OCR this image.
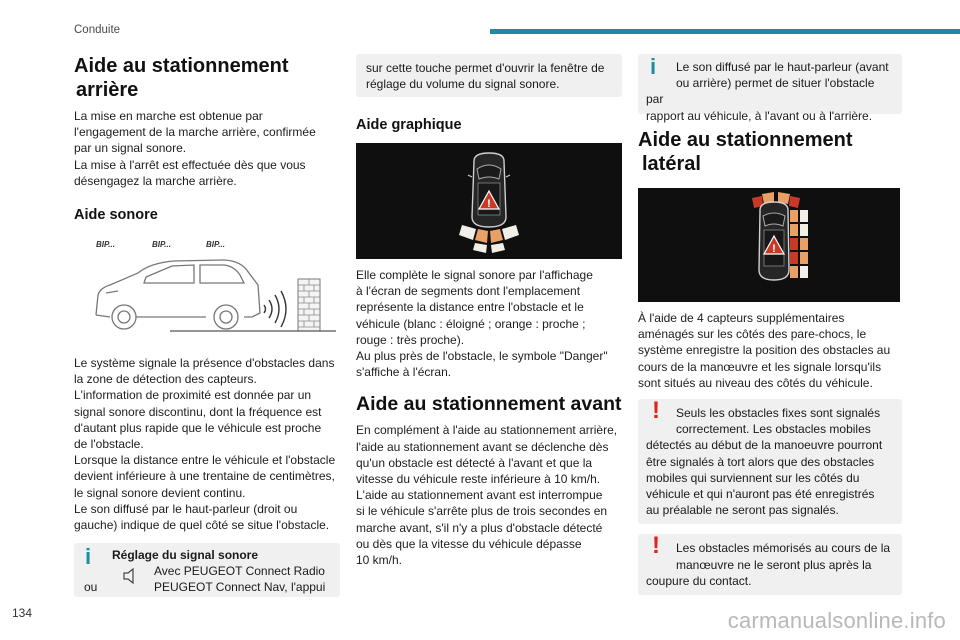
Conduite
Aide au stationnement
arrière

La mise en marche est obtenue par
l'engagement de la marche arrière, confirmée
par un signal sonore.
La mise à l'arrêt est effectuée dès que vous
désengagez la marche arrière.

Aide sonore
BIP...	BIP...	BIP...

Le système signale la présence d'obstacles dans
la zone de détection des capteurs.
L'information de proximité est donnée par un
signal sonore discontinu, dont la fréquence est
d'autant plus rapide que le véhicule est proche
de l'obstacle.
Lorsque la distance entre le véhicule et l'obstacle
devient inférieure à une trentaine de centimètres,
le signal sonore devient continu.
Le son diffusé par le haut-parleur (droit ou
gauche) indique de quel côté se situe l'obstacle.

i	Réglage du signal sonore
Avec PEUGEOT Connect Radio
ou	PEUGEOT Connect Nav, l'appui
sur cette touche permet d'ouvrir la fenêtre de
réglage du volume du signal sonore.
Aide graphique
!

Elle complète le signal sonore par l'affichage
à l'écran de segments dont l'emplacement
représente la distance entre l'obstacle et le
véhicule (blanc : éloigné ; orange : proche ;
rouge : très proche).
Au plus près de l'obstacle, le symbole "Danger"
s'affiche à l'écran.

Aide au stationnement avant

En complément à l'aide au stationnement arrière,
l'aide au stationnement avant se déclenche dès
qu'un obstacle est détecté à l'avant et que la
vitesse du véhicule reste inférieure à 10 km/h.
L'aide au stationnement avant est interrompue
si le véhicule s'arrête plus de trois secondes en
marche avant, s'il n'y a plus d'obstacle détecté
ou dès que la vitesse du véhicule dépasse
10 km/h.

i Le son diffusé par le haut-parleur (avant
ou arrière) permet de situer l'obstacle par
rapport au véhicule, à l'avant ou à l'arrière.
Aide au stationnement
latéral
!

À l'aide de 4 capteurs supplémentaires
aménagés sur les côtés des pare-chocs, le
système enregistre la position des obstacles au
cours de la manœuvre et les signale lorsqu'ils
sont situés au niveau des côtés du véhicule.

! Seuls les obstacles fixes sont signalés
correctement. Les obstacles mobiles
détectés au début de la manoeuvre pourront
être signalés à tort alors que des obstacles
mobiles qui surviennent sur les côtés du
véhicule et qui n'auront pas été enregistrés
au préalable ne seront pas signalés.
! Les obstacles mémorisés au cours de la
manœuvre ne le seront plus après la
coupure du contact.
134	carmanualsonline.info
